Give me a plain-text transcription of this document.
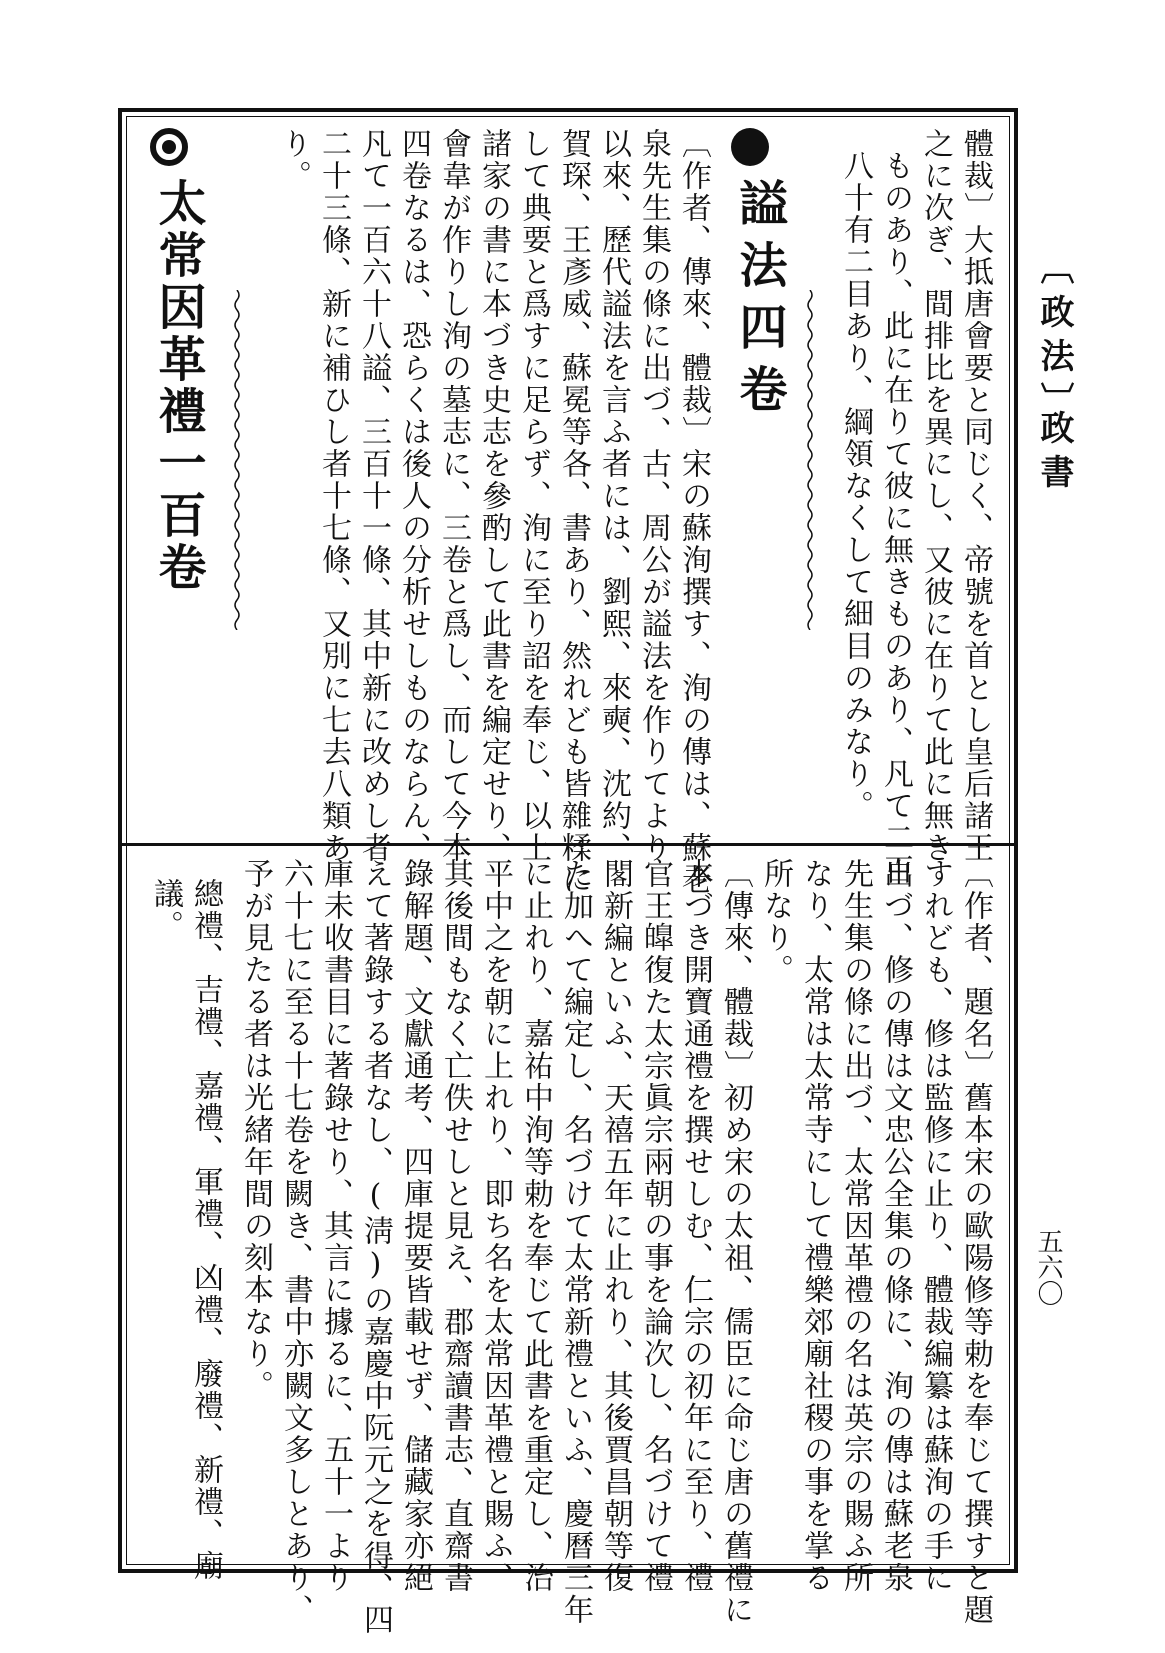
〔政法〕
政書
五六〇
體裁〕大抵唐會要と同じく、帝號を首とし皇后諸王
之に次ぎ、間排比を異にし、又彼に在りて此に無き
ものあり、此に在りて彼に無きものあり、凡て二百
八十有二目あり、綱領なくして細目のみなり。
謚法四卷
〔作者、傳來、體裁〕宋の蘇洵撰す、洵の傳は、蘇老
泉先生集の條に出づ、古、周公が謚法を作りてより
以來、歷代謚法を言ふ者には、劉熙、來奭、沈約、
賀琛、王彥威、蘇冕等各、書あり、然れども皆雜糅に
して典要と爲すに足らず、洵に至り詔を奉じ、以上
諸家の書に本づき史志を參酌して此書を編定せり、
會韋が作りし洵の墓志に、三卷と爲し、而して今本
四卷なるは、恐らくは後人の分析せしものならん、
凡て一百六十八謚、三百十一條、其中新に改めし者
二十三條、新に補ひし者十七條、又別に七去八類あ
り。
太常因革禮一百卷
〔作者、題名〕舊本宋の歐陽修等勅を奉じて撰すと題
すれども、修は監修に止り、體裁編纂は蘇洵の手に
出づ、修の傳は文忠公全集の條に、洵の傳は蘇老泉
先生集の條に出づ、太常因革禮の名は英宗の賜ふ所
なり、太常は太常寺にして禮樂郊廟社稷の事を掌る
所なり。
〔傳來、體裁〕初め宋の太祖、儒臣に命じ唐の舊禮に
本づき開寶通禮を撰せしむ、仁宗の初年に至り、禮
官王皥復た太宗眞宗兩朝の事を論次し、名づけて禮
閣新編といふ、天禧五年に止れり、其後賈昌朝等復
た加へて編定し、名づけて太常新禮といふ、慶曆三年
に止れり、嘉祐中洵等勅を奉じて此書を重定し、治
平中之を朝に上れり、即ち名を太常因革禮と賜ふ、
其後間もなく亡佚せしと見え、郡齋讀書志、直齋書
錄解題、文獻通考、四庫提要皆載せず、儲藏家亦絕
えて著錄する者なし、(淸)の嘉慶中阮元之を得、四
庫未收書目に著錄せり、其言に據るに、五十一より
六十七に至る十七卷を闕き、書中亦闕文多しとあり、
予が見たる者は光緒年間の刻本なり。
總禮、吉禮、嘉禮、軍禮、凶禮、廢禮、新禮、廟
議。
